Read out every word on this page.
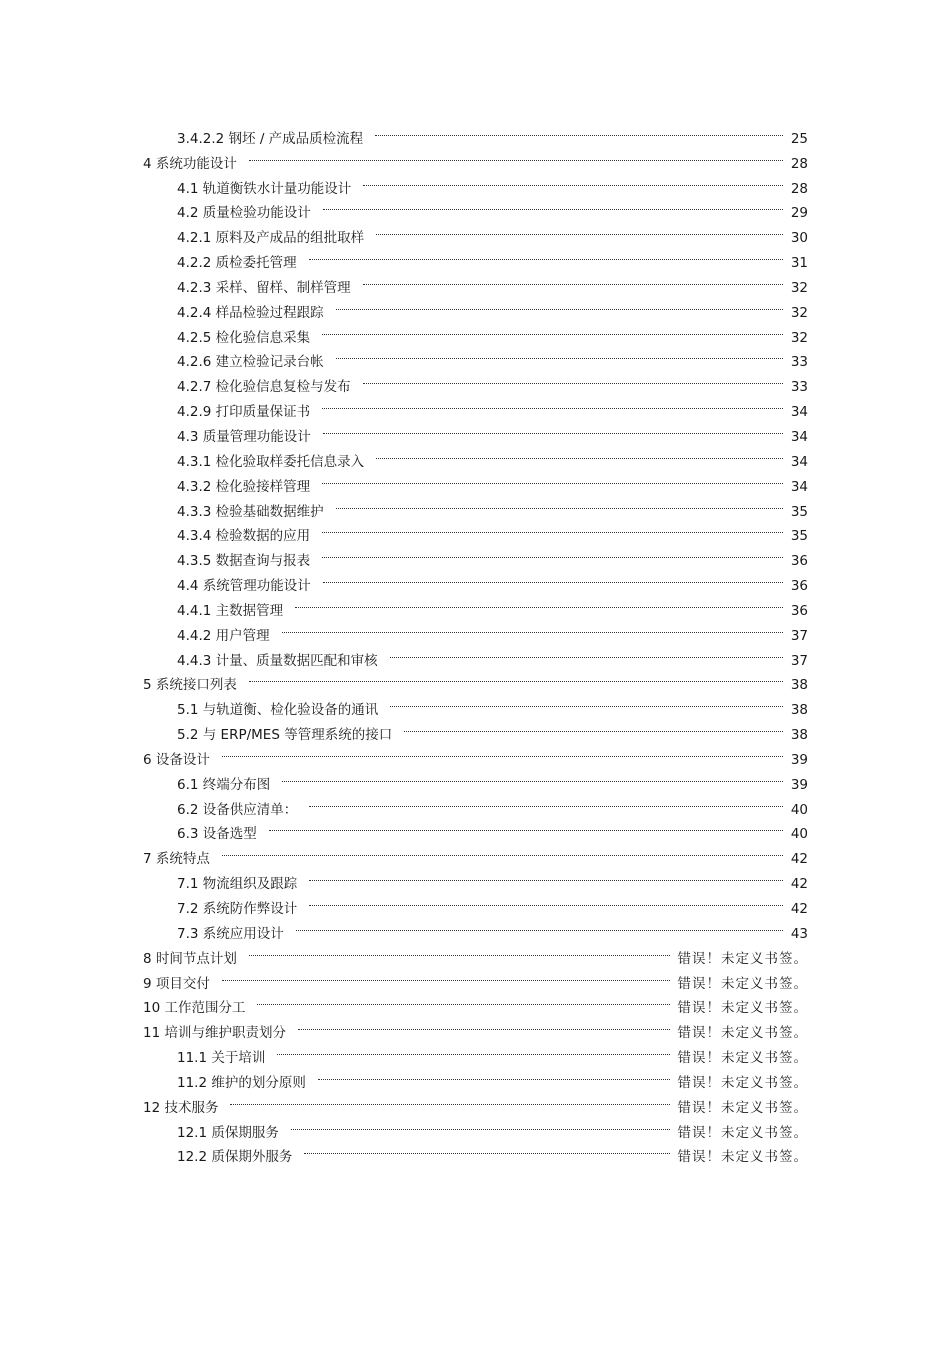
3.4.2.2 钢坯 / 产成品质检流程	25
4 系统功能设计	28
4.1 轨道衡铁水计量功能设计	28
4.2 质量检验功能设计	29
4.2.1 原料及产成品的组批取样	30
4.2.2 质检委托管理	31
4.2.3 采样、留样、制样管理	32
4.2.4 样品检验过程跟踪	32
4.2.5 检化验信息采集	32
4.2.6 建立检验记录台帐	33
4.2.7 检化验信息复检与发布	33
4.2.9 打印质量保证书	34
4.3 质量管理功能设计	34
4.3.1 检化验取样委托信息录入	34
4.3.2 检化验接样管理	34
4.3.3 检验基础数据维护	35
4.3.4 检验数据的应用	35
4.3.5 数据查询与报表	36
4.4 系统管理功能设计	36
4.4.1 主数据管理	36
4.4.2 用户管理	37
4.4.3 计量、质量数据匹配和审核	37
5 系统接口列表	38
5.1 与轨道衡、检化验设备的通讯	38
5.2 与 ERP/MES 等管理系统的接口	38
6 设备设计	39
6.1 终端分布图	39
6.2 设备供应清单：	40
6.3 设备选型	40
7 系统特点	42
7.1 物流组织及跟踪	42
7.2 系统防作弊设计	42
7.3 系统应用设计	43
8 时间节点计划	错误！未定义书签。
9 项目交付	错误！未定义书签。
10 工作范围分工	错误！未定义书签。
11 培训与维护职责划分	错误！未定义书签。
11.1 关于培训	错误！未定义书签。
11.2 维护的划分原则	错误！未定义书签。
12 技术服务	错误！未定义书签。
12.1 质保期服务	错误！未定义书签。
12.2 质保期外服务	错误！未定义书签。
